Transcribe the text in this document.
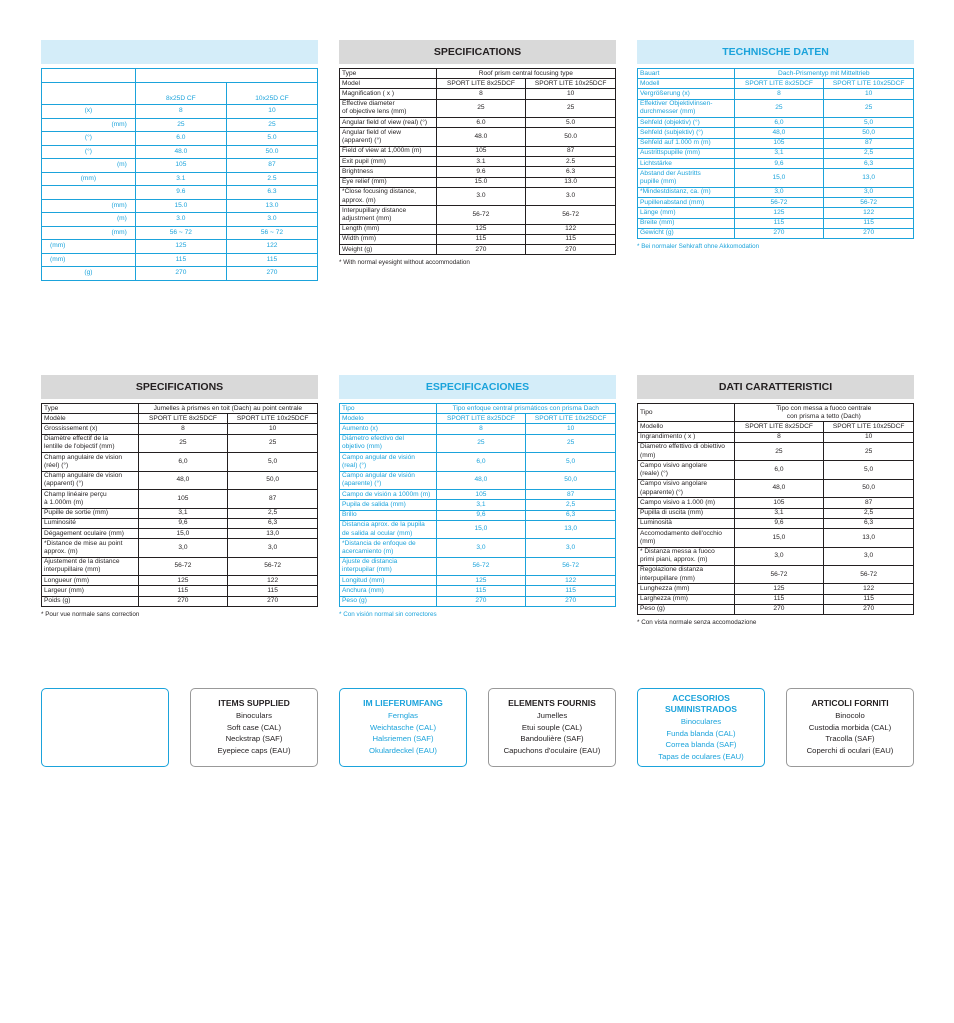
	8x25D CF	10x25D CF
(x)	8	10
(mm)	25	25
(°)	6.0	5.0
(°)	48.0	50.0
(m)	105	87
(mm)	3.1	2.5
	9.6	6.3
(mm)	15.0	13.0
(m)	3.0	3.0
(mm)	56 ~ 72	56 ~ 72
(mm)	125	122
(mm)	115	115
(g)	270	270
SPECIFICATIONS
Type	Roof prism central focusing type	
Model	SPORT LITE 8x25DCF	SPORT LITE 10x25DCF
Magnification ( x )	8	10
Effective diameter
of objective lens (mm)	25	25
Angular field of view (real) (°)	6.0	5.0
Angular field of view
(apparent) (°)	48.0	50.0
Field of view at 1,000m (m)	105	87
Exit pupil (mm)	3.1	2.5
Brightness	9.6	6.3
Eye relief (mm)	15.0	13.0
*Close focusing distance,
approx. (m)	3.0	3.0
Interpupillary distance
adjustment (mm)	56-72	56-72
Length (mm)	125	122
Width (mm)	115	115
Weight (g)	270	270
* With normal eyesight without accommodation
TECHNISCHE DATEN
Bauart	Dach-Prismentyp mit Mitteltrieb	
Modell	SPORT LITE 8x25DCF	SPORT LITE 10x25DCF
Vergrößerung (x)	8	10
Effektiver Objektivlinsen-
durchmesser (mm)	25	25
Sehfeld (objektiv) (°)	6,0	5,0
Sehfeld (subjektiv) (°)	48,0	50,0
Sehfeld auf 1.000 m (m)	105	87
Austrittspupille (mm)	3,1	2,5
Lichtstärke	9,6	6,3
Abstand der Austritts
pupille (mm)	15,0	13,0
*Mindestdistanz, ca. (m)	3,0	3,0
Pupillenabstand (mm)	56-72	56-72
Länge (mm)	125	122
Breite (mm)	115	115
Gewicht (g)	270	270
* Bei normaler Sehkraft ohne Akkomodation
SPECIFICATIONS
Type	Jumelles à prismes en toit (Dach) au point centrale	
Modèle	SPORT LITE 8x25DCF	SPORT LITE 10x25DCF
Grossissement (x)	8	10
Diamètre effectif de la
lentille de l'objectif (mm)	25	25
Champ angulaire de vision
(réel) (°)	6,0	5,0
Champ angulaire de vision
(apparent) (°)	48,0	50,0
Champ linéaire perçu
à 1.000m (m)	105	87
Pupille de sortie (mm)	3,1	2,5
Luminosité	9,6	6,3
Dégagement oculaire (mm)	15,0	13,0
*Distance de mise au point
approx. (m)	3,0	3,0
Ajustement de la distance
interpupillaire (mm)	56-72	56-72
Longueur (mm)	125	122
Largeur (mm)	115	115
Poids (g)	270	270
* Pour vue normale sans correction
ESPECIFICACIONES
Tipo	Tipo enfoque central prismáticos con prisma Dach	
Modelo	SPORT LITE 8x25DCF	SPORT LITE 10x25DCF
Aumento (x)	8	10
Diámetro efectivo del
objetivo (mm)	25	25
Campo angular de visión
(real) (°)	6,0	5,0
Campo angular de visión
(aparente) (°)	48,0	50,0
Campo de visión a 1000m (m)	105	87
Pupila de salida (mm)	3,1	2,5
Brillo	9,6	6,3
Distancia aprox. de la pupila
de salida al ocular (mm)	15,0	13,0
*Distancia de enfoque de
acercamiento (m)	3,0	3,0
Ajuste de distancia
interpupilar (mm)	56-72	56-72
Longitud (mm)	125	122
Anchura (mm)	115	115
Peso (g)	270	270
* Con visión normal sin correctores
DATI CARATTERISTICI
Tipo	Tipo con messa a fuoco centrale
con prisma a tetto (Dach)	
Modello	SPORT LITE 8x25DCF	SPORT LITE 10x25DCF
Ingrandimento ( x )	8	10
Diametro effettivo di obiettivo
(mm)	25	25
Campo visivo angolare
(reale) (°)	6,0	5,0
Campo visivo angolare
(apparente) (°)	48,0	50,0
Campo visivo a 1.000 (m)	105	87
Pupilla di uscita (mm)	3,1	2,5
Luminosità	9,6	6,3
Accomodamento dell'occhio
(mm)	15,0	13,0
* Distanza messa a fuoco
primi piani, approx. (m)	3,0	3,0
Regolazione distanza
interpupillare (mm)	56-72	56-72
Lunghezza (mm)	125	122
Larghezza (mm)	115	115
Peso (g)	270	270
* Con vista normale senza accomodazione
ITEMS SUPPLIED
Binoculars
Soft case (CAL)
Neckstrap (SAF)
Eyepiece caps (EAU)
IM LIEFERUMFANG
Fernglas
Weichtasche (CAL)
Halsriemen (SAF)
Okulardeckel (EAU)
ELEMENTS FOURNIS
Jumelles
Etui souple (CAL)
Bandoulière (SAF)
Capuchons d'oculaire (EAU)
ACCESORIOS
SUMINISTRADOS
Binoculares
Funda blanda (CAL)
Correa blanda (SAF)
Tapas de oculares (EAU)
ARTICOLI FORNITI
Binocolo
Custodia morbida (CAL)
Tracolla (SAF)
Coperchi di oculari (EAU)
